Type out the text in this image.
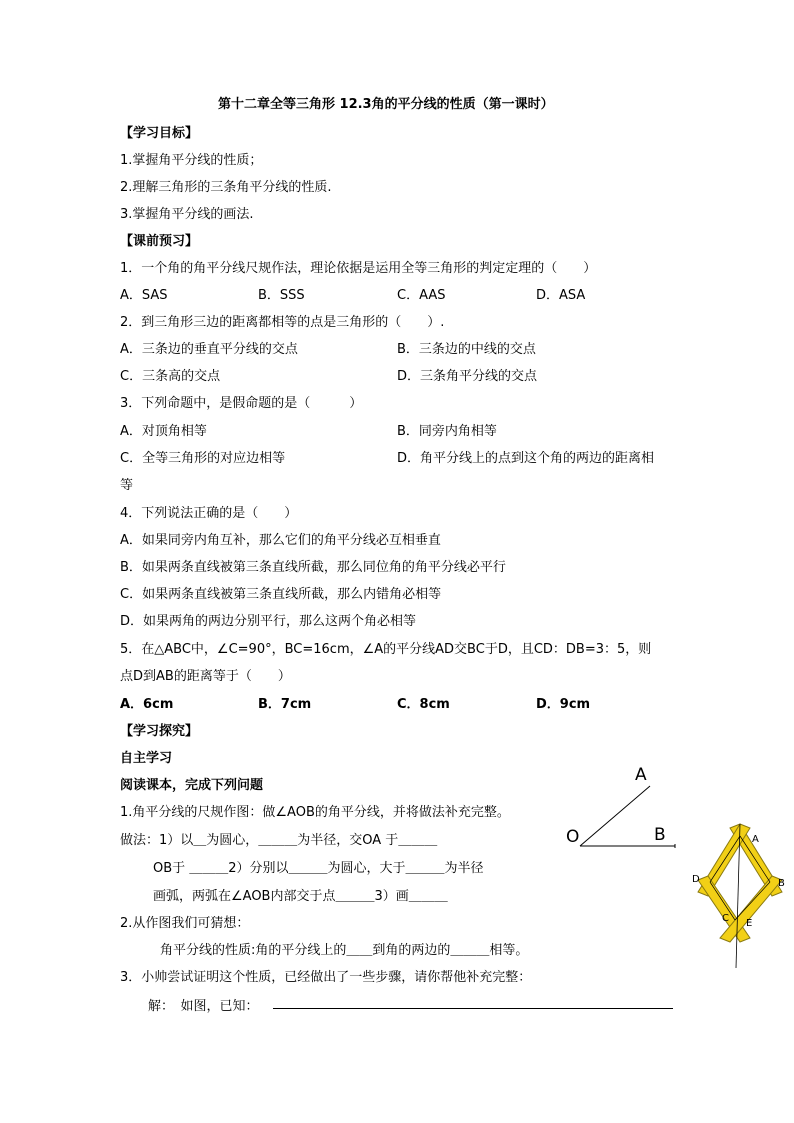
第十二章全等三角形 12.3角的平分线的性质（第一课时）
【学习目标】
1.掌握角平分线的性质；
2.理解三角形的三条角平分线的性质.
3.掌握角平分线的画法.
【课前预习】
1．一个角的角平分线尺规作法，理论依据是运用全等三角形的判定定理的（　　）
A．SAS	B．SSS	C．AAS	D．ASA
2．到三角形三边的距离都相等的点是三角形的（　　）.
A．三条边的垂直平分线的交点	B．三条边的中线的交点
C．三条高的交点	D．三条角平分线的交点
3．下列命题中，是假命题的是（　　　）
A．对顶角相等	B．同旁内角相等
C．全等三角形的对应边相等	D．角平分线上的点到这个角的两边的距离相
等
4．下列说法正确的是（　　）
A．如果同旁内角互补，那么它们的角平分线必互相垂直
B．如果两条直线被第三条直线所截，那么同位角的角平分线必平行
C．如果两条直线被第三条直线所截，那么内错角必相等
D．如果两角的两边分别平行，那么这两个角必相等
5．在△ABC中，∠C=90°，BC=16cm，∠A的平分线AD交BC于D，且CD：DB=3：5，则
点D到AB的距离等于（　　）
A．6cm	B．7cm	C．8cm	D．9cm
【学习探究】
自主学习
阅读课本，完成下列问题
1.角平分线的尺规作图：做∠AOB的角平分线，并将做法补充完整。
做法：1）以＿为圆心，＿＿＿为半径，交OA 于＿＿＿
OB于 ＿＿＿2）分别以＿＿＿为圆心，大于＿＿＿为半径
画弧，两弧在∠AOB内部交于点＿＿＿3）画＿＿＿
2.从作图我们可猜想：
角平分线的性质:角的平分线上的＿＿到角的两边的＿＿＿相等。
3．小帅尝试证明这个性质，已经做出了一些步骤，请你帮他补充完整：
解：　如图，已知：
A
O	B	A
B
C
D
E
